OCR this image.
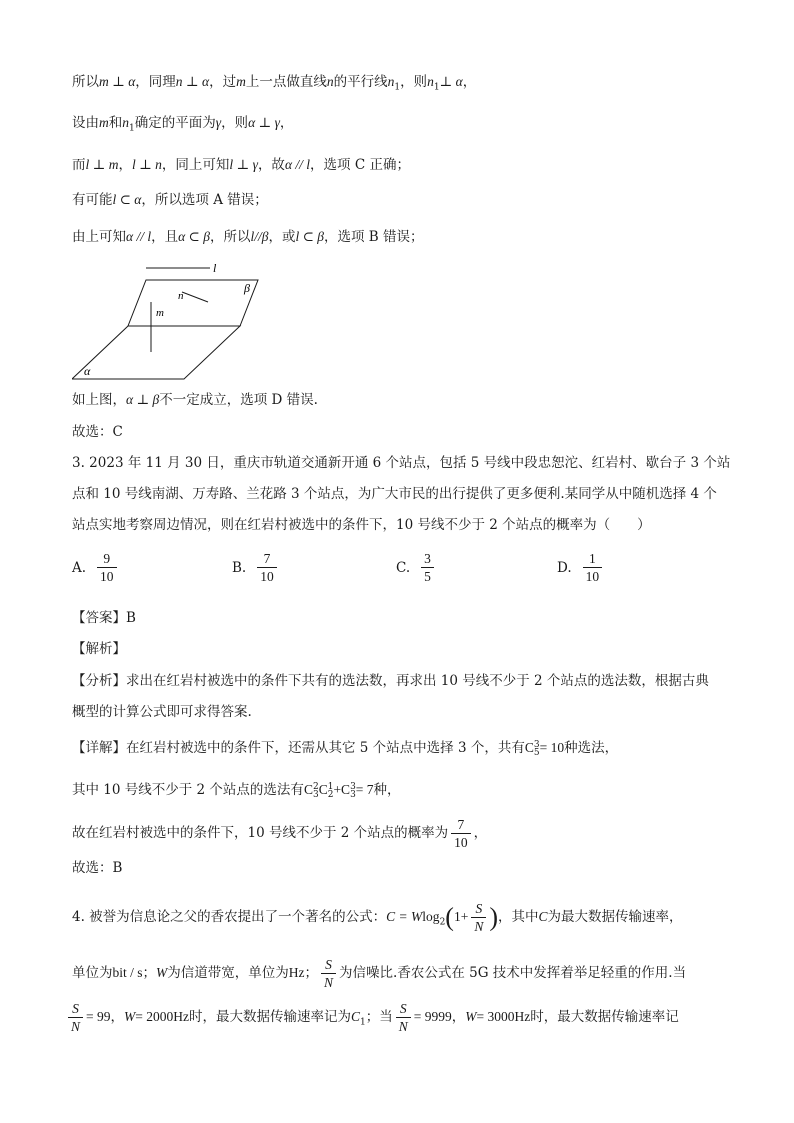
所以m ⊥ α，同理n ⊥ α，过m上一点做直线n的平行线$n_1$，则$n_1\perp$ α，
设由m和$n_1$确定的平面为γ，则α ⊥ γ，
而l ⊥ m，l ⊥ n，同上可知l ⊥ γ，故α // l，选项 C 正确；
有可能l ⊂ α，所以选项 A 错误；
由上可知α // l，且α ⊂ β，所以l//β，或l ⊂ β，选项 B 错误；
l
β
n
m
α
如上图，α ⊥ β不一定成立，选项 D 错误.
故选：C
3. 2023 年 11 月 30 日，重庆市轨道交通新开通 6 个站点，包括 5 号线中段忠恕沱、红岩村、歇台子 3 个站
点和 10 号线南湖、万寿路、兰花路 3 个站点，为广大市民的出行提供了更多便利.某同学从中随机选择 4 个
站点实地考察周边情况，则在红岩村被选中的条件下，10 号线不少于 2 个站点的概率为（　　）
A. $\frac{9}{10}$	B. $\frac{7}{10}$	C. $\frac{3}{5}$	D. $\frac{1}{10}$
【答案】B
【解析】
【分析】求出在红岩村被选中的条件下共有的选法数，再求出 10 号线不少于 2 个站点的选法数，根据古典
概型的计算公式即可求得答案.
【详解】在红岩村被选中的条件下，还需从其它 5 个站点中选择 3 个，共有C 3
5 = 10种选法，
其中 10 号线不少于 2 个站点的选法有C 2
3 C 1
2 +C 3
3 = 7种，
故在红岩村被选中的条件下，10 号线不少于 2 个站点的概率为 $\frac{7}{10}$ ，
故选：B
4. 被誉为信息论之父的香农提出了一个著名的公式：$C = Wlog_2(1+ \frac{S}{N}$ )，其中C为最大数据传输速率，
单位为bit / s；W为信道带宽，单位为Hz； $\frac{S}{N}$ 为信噪比.香农公式在 5G 技术中发挥着举足轻重的作用.当
$\frac{S}{N} = 99$，W= 2000Hz时，最大数据传输速率记为$C_1$；当 $\frac{S}{N} = 9999$，W= 3000Hz时，最大数据传输速率记
